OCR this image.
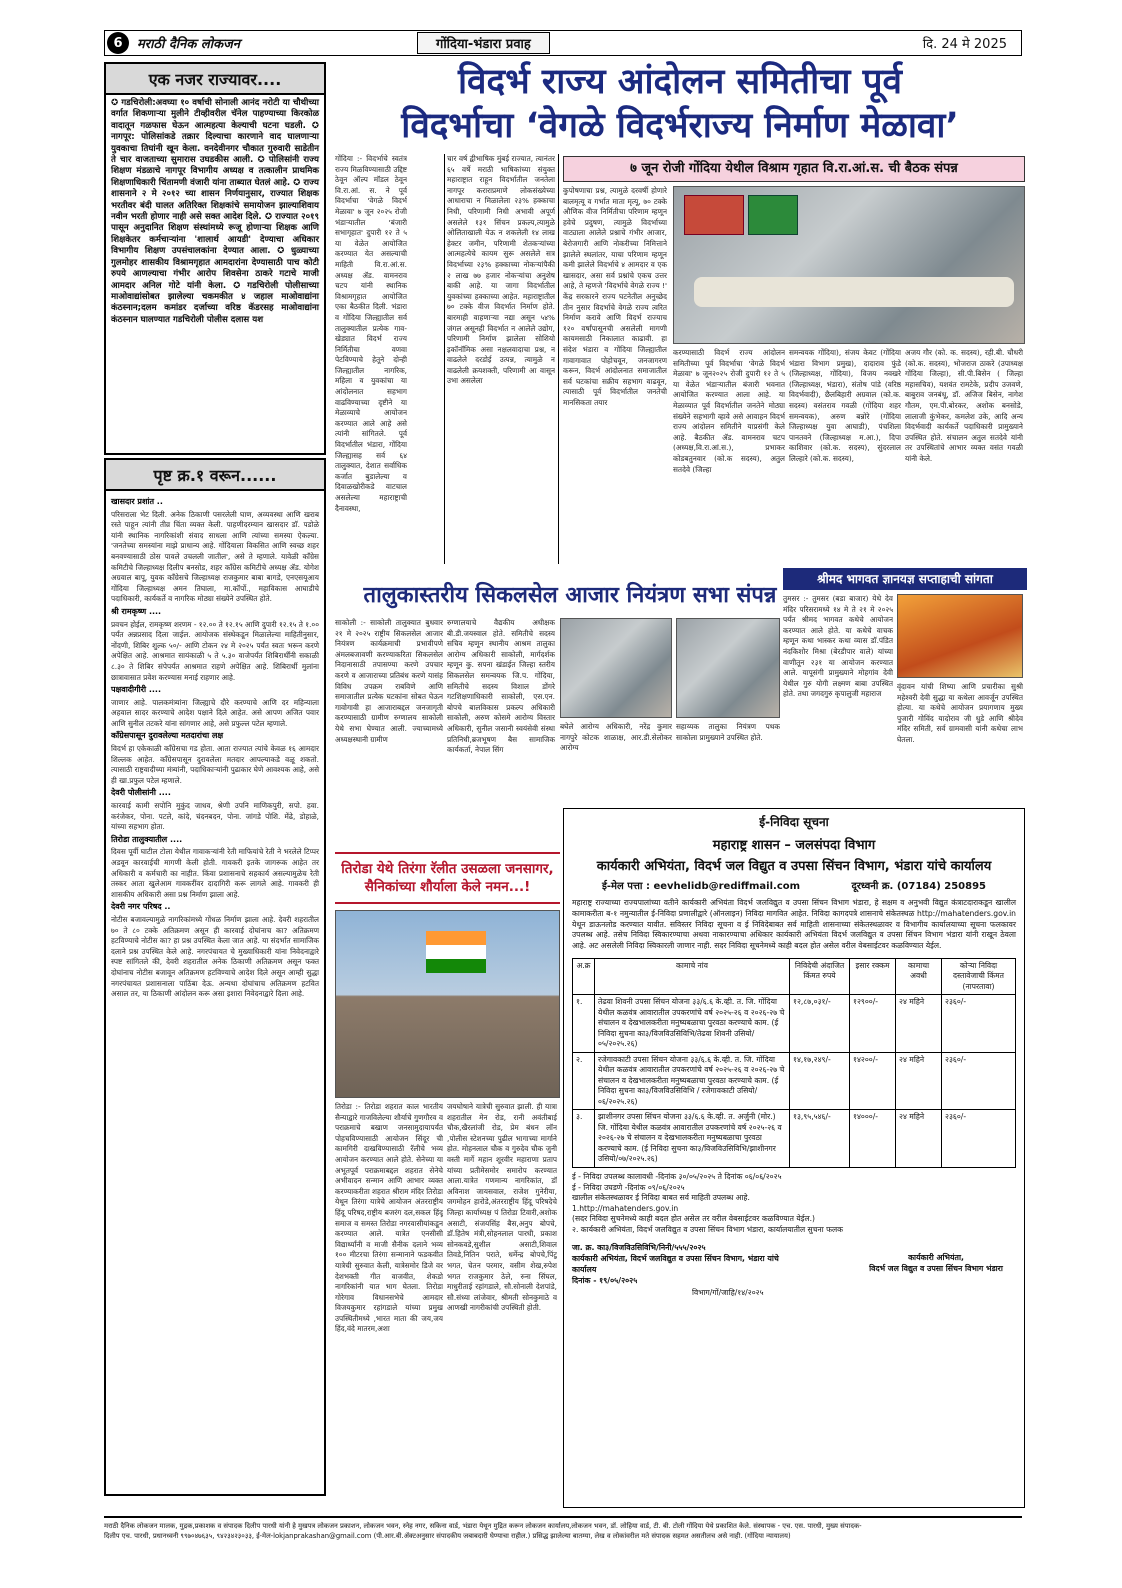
6	मराठी दैनिक लोकजन	गोंदिया-भंडारा प्रवाह	दि. 24 मे 2025
एक नजर राज्यावर....
✪ गडचिरोली:अवघ्या १० वर्षाची सोनाली आनंद नरोटी या चौथीच्या वर्गात शिकणाऱ्या मुलीने टीव्हीवरील चॅनेल पाहण्याच्या किरकोळ वादातून गळफास घेऊन आत्महत्या केल्याची घटना घडली. ✪ नागपूर: पोलिसांकडे तक्रार दिल्याचा कारणाने वाद घालणाऱ्या युवकाचा तिघांनी खून केला. वनदेवीनगर चौकात गुरुवारी साडेतीन ते चार वाजताच्या सुमारास उघडकीस आली. ✪ पोलिसांनी राज्य शिक्षण मंडळाचे नागपूर विभागीय अध्यक्ष व तत्कालीन प्राथमिक शिक्षणाधिकारी चिंतामणी वंजारी यांना ताब्यात घेतलं आहे. ✪ राज्य शासनाने २ मे २०१२ च्या शासन निर्णयानुसार, राज्यात शिक्षक भरतीवर बंदी घालत अतिरिक्त शिक्षकांचे समायोजन झाल्याशिवाय नवीन भरती होणार नाही असे सक्त आदेश दिले. ✪ राज्यात २०१९ पासून अनुदानित शिक्षण संस्थांमध्ये रूजू होणाऱ्या शिक्षक आणि शिक्षकेतर कर्मचाऱ्यांना 'शालार्थ आयडी' देण्याचा अधिकार विभागीय शिक्षण उपसंचालकांना देण्यात आला. ✪ धुळ्याच्या गुलमोहर शासकीय विश्रामगृहात आमदारांना देण्यासाठी पाच कोटी रुपये आणल्याचा गंभीर आरोप शिवसेना ठाकरे गटाचे माजी आमदार अनिल गोटे यांनी केला. ✪ गडचिरोली पोलीसाच्या माओवाद्यांसोबत झालेल्या चकमकीत ४ जहाल माओवाद्यांना कंठस्नान;दलम कमांडर दर्जाच्या वरिष्ठ कॅडरसह माओवाद्यांना कंठस्नान घालण्यात गडचिरोली पोलीस दलास यश
पृष्ट क्र.१ वरून......
खासदार प्रशांत ..

परिसराला भेट दिली. अनेक ठिकाणी पसरलेली घाण, अव्यवस्था आणि खराब रस्ते पाहून त्यांनी तीव्र चिंता व्यक्त केली. पाहणीदरम्यान खासदार डॉ. पडोळे यांनी स्थानिक नागरिकांशी संवाद साधला आणि त्यांच्या समस्या ऐकल्या. 'जनतेच्या समस्यांना माझे प्राधान्य आहे. गोंदियाला विकसित आणि स्वच्छ शहर बनवण्यासाठी ठोस पावले उचलली जातील', असे ते म्हणाले. यावेळी काँग्रेस कमिटीचे जिल्हाध्यक्ष दिलीप बनसोड, शहर काँग्रेस कमिटीचे अध्यक्ष ॲड. योगेश अग्रवाल बापू, युवक काँग्रेसचे जिल्हाध्यक्ष राजकुमार बाबा बागडे, एनएसयूआय गोंदिया जिल्हाध्यक्ष अमन तिघाला, मा.कॉर्पो., महाविकास आघाडीचे पदाधिकारी, कार्यकर्ते व नागरिक मोठ्या संख्येने उपस्थित होते.

श्री रामकृष्ण ....

प्रवचन होईल, रामकृष्ण शरणम - १२.०० ते १२.१५ आणि दुपारी १२.१५ ते १.०० पर्यंत अन्नप्रसाद दिला जाईल. आयोजक संस्थेकडून मिळालेल्या माहितीनुसार, नोंदणी, शिबिर शुल्क ५०/- आणि टोकन २४ मे २०२५ पर्यंत स्वतः भरून करणे अपेक्षित आहे. आश्रमात सायंकाळी ५ ते ५.३० वाजेपर्यंत शिबिरार्थींनी सकाळी ८.३० ते शिबिर संपेपर्यंत आश्रमात राहणे अपेक्षित आहे. शिबिरार्थी मुलांना छात्रावासात प्रवेश करण्यास मनाई राहणार आहे.

पक्षवादीगीरी ....

जाणार आहे. पालकमंत्र्यांना जिल्ह्याचे दौरे करण्याचे आणि दर महिन्याला अहवाल सादर करण्याचे आदेश पक्षाने दिले आहेत. असे आपण अजित पवार आणि सुनील तटकरे यांना सांगणार आहे, असे प्रफुल्ल पटेल म्हणाले.

काँग्रेसपासून दुरावलेल्या मतदारांचा लक्ष

विदर्भ हा एकेकाळी काँग्रेसचा गड होता. आता राज्यात त्यांचे केवळ १६ आमदार शिल्लक आहेत. काँग्रेसपासून दुरावलेला मतदार आपल्याकडे वळू शकतो. त्यासाठी राष्ट्रवादीच्या मंत्र्यांनी, पदाधिकाऱ्यांनी पुढाकार घेणे आवश्यक आहे, असे ही खा.प्रफुल पटेल म्हणाले.

देवरी पोलीसांनी ....

कारवाई कामी सपोनि मुकुंद जाधव, श्रेणी उपनि माणिकपुरी, सपो. हवा. करंजेकर, पोना. पटले, कांदे, चंदनबदन, पोना. जांगडे पोशि. मेंढे, डोहाळे, यांच्या सहभाग होता.

तिरोडा तालुक्यातील ....

दिवस पूर्वी घाटील टोला येथील गावाकऱ्यांनी रेती माफियांचे रेती ने भरलेले टिप्पर अडवून कारवाईची मागणी केली होती. गावकरी इतके जागरूक आहेत तर अधिकारी व कर्मचारी का नाहीत. किंवा प्रशासनाचे सहकार्य असल्यामुळेच रेती तस्कर आता खुलेआम गावकरींवर दादागिरी करू लागले आहे. गावकरी ही शासकीय अधिकारी असा प्रश्न निर्माण झाला आहे.

देवरी नगर परिषद ..

नोटीस बजावल्यामुळे नागरिकांमध्ये गोंधळ निर्माण झाला आहे. देवरी शहरातील ७० ते ८० टक्के अतिक्रमण असून ही कारवाई दोघांनाच का? अतिक्रमण हटविण्याचे नोटीस का? हा प्रश्न उपस्थित केला जात आहे. या संदर्भात सामाजिक दलाने प्रश्न उपस्थित केले आहे. नगरपंचायत चे मुख्याधिकारी यांना निवेदनाद्वारे स्पष्ट सांगितले की, देवरी शहरातील अनेक ठिकाणी अतिक्रमण असून फक्त दोघांनाच नोटीस बजावून अतिक्रमण हटविण्याचे आदेश दिले असून आम्ही सुद्धा नगरपंचायत प्रशासनाला पाठिंबा देऊ. अन्यथा दोघांचाच अतिक्रमण हटवित असाल तर, या ठिकाणी आंदोलन करू असा इशारा निवेदनाद्वारे दिला आहे.

विदर्भ राज्य आंदोलन समितीचा पूर्व
विदर्भाचा ‘वेगळे विदर्भराज्य निर्माण मेळावा’
गोंदिया :- विदर्भाचे स्वतंत्र राज्य मिळविण्यासाठी उद्दिष्ट ठेवून ऑल्प मॉडल ठेवून वि.रा.आं. स. ने पूर्व विदर्भाचा 'वेगळे विदर्भ मेळावा' ७ जून २०२५ रोजी भंडाऱ्यातील 'बंजारी सभागृहात' दुपारी १२ ते ५ या वेळेत आयोजित करण्यात येत असल्याची माहिती वि.रा.आं.स. अध्यक्ष ॲड. वामनराव चटप यांनी स्थानिक विश्रामगृहात आयोजित एका बैठकीत दिली. भंडारा व गोंदिया जिल्ह्यातील सर्व तालुक्यातील प्रत्येक गाव-खेड्यात विदर्भ राज्य निर्मितीचा वणवा पेटविण्याचे हेतूने दोन्ही जिल्ह्यातील नागरिक, महिला व युवकांचा या आंदोलनात सहभाग वाढविण्याच्या दृष्टीने या मेळाव्याचे आयोजन करण्यात आले आहे असे त्यांनी सांगितले. पूर्व विदर्भातील भंडारा, गोंदिया जिल्ह्यासह सर्व ६४ तालुक्यात, देशात सर्वाधिक कर्जात बुडालेल्या व दिवाळखोरीकडे वाटचाल असलेल्या महाराष्ट्राची दैनावस्था,
चार वर्ष द्वीभाषिक मुंबई राज्यात, त्यानंतर ६५ वर्षे मराठी भाषिकांच्या संयुक्त महाराष्ट्रात राहून विदर्भातील जनतेला नागपूर कराराप्रमाणे लोकसंख्येच्या आधाराचा न मिळालेला २३% हक्काचा निधी, परिणामी निधी अभावी अपूर्ण असलेले १३१ सिंचन प्रकल्प,त्यामुळे ओलिताखाली येऊ न शकलेली १४ लाख हेक्टर जमीन, परिणामी शेतकऱ्यांच्या आत्महत्येचे कायम सुरू असलेले सत्र विदर्भाच्या २३% हक्काच्या नोकऱ्यांपैकी २ लाख ७७ हजार नोकऱ्यांचा अनुशेष बाकी आहे. या जागा विदर्भातील युवकांच्या हक्काच्या आहेत. महाराष्ट्रातील ७० टक्के वीज विदर्भात निर्माण होते. बारमाही वाहणाऱ्या नद्या असून ५४% जंगल असूनही विदर्भात न आलेले उद्योग, परिणामी निर्माण झालेला सोशियो इकॉनॉमिक असा नक्षलवादाचा प्रश्न, न वाढलेले दरडोई उत्पन्न, त्यामुळे न वाढलेली क्रयशक्ती, परिणामी आ वासून उभा असलेला
७ जून रोजी गोंदिया येथील विश्राम गृहात वि.रा.आं.स. ची बैठक संपन्न
कुपोषणाचा प्रश्न, त्यामुळे दरवर्षी होणारे बालमृत्यू व गर्भात माता मृत्यू, ७० टक्के औणिक वीज निर्मितीचा परिणाम म्हणून हवेचे प्रदुषण, त्यामुळे विदर्भाच्या वाट्याला आलेले प्रश्नाचे गंभीर आजार, बेरोजगारी आणि नोकरीच्या निमित्ताने झालेले स्थलांतर, याचा परिणाम म्हणून कमी झालेले विदर्भाचे ४ आमदार व एक खासदार, असा सर्व प्रश्नांचे एकच उत्तर आहे, ते म्हणजे 'विदर्भाचे वेगळे राज्य !' केंद्र सरकारने राज्य घटनेतील अनुच्छेद तीन नुसार विदर्भाचे वेगळे राज्य त्वरित निर्माण करावे आणि विदर्भ राज्याच १२० वर्षांपासूनची असलेली मागणी कायमसाठी निकालात काढावी. हा संदेश भंडारा व गोंदिया जिल्ह्यातील गावागावात पोहोचवून, जनजागरण करून, विदर्भ आंदोलनात समाजातील सर्व घटकांचा सक्रीय सहभाग वाढवून, त्यासाठी पूर्व विदर्भातील जनतेची मानसिकता तयार
करण्यासाठी विदर्भ राज्य आंदोलन समितीच्या पूर्व विदर्भाचा 'वेगळे विदर्भ मेळावा' ७ जून२०२५ रोजी दुपारी १२ ते ५ या वेळेत भंडाऱ्यातील बंजारी भवनात आयोजित करण्यात आला आहे. या मेळाव्यात पूर्व विदर्भातील जनतेने मोठ्या संख्येने सहभागी व्हावे असे आवाहन विदर्भ राज्य आंदोलन समितीने याप्रसंगी केले आहे. बैठकीत ॲड. वामनराव चटप (अध्यक्ष,वि.रा.आं.स.), प्रभाकर कोडबतुनवार (को.क सदस्य), अतुल सतदेवे (जिल्हा
समन्वयक गोंदिया), संजय केवट (गोंदिया भंडारा विभाग प्रमुख), दादाराव फुंडे (जिल्हाध्यक्ष, गोंदिया), विजय नवखरे (जिल्हाध्यक्ष, भंडारा), संतोष पांडे (वरिष्ठ विदर्भवादी), छैलबिहारी अग्रवाल (को.क. सदस्य) वसंतराव गवळी (गोंदिया शहर समन्वयक), अरुण बन्नोरे (गोंदिया जिल्हाध्यक्ष युवा आघाडी), पंचशिला पानतवने (जिल्हाध्यक्ष म.आ.), दिपा काशिवार (को.क. सदस्य), सुंदरलाल लिल्हारे (को.क. सदस्य),
अजय गौर (को. क. सदस्य), रही.बी. चौधरी (को.क. सदस्य), भोजराज ठाकरे (उपाध्यक्ष गोंदिया जिल्हा), सी.पी.बिसेन ( जिल्हा महासचिव), यशवंत रामटेके, प्रदीप उजवणे, बाबुराव जनबंधू, डॉ. अजिज बिसेन, नागेश गौतम, एम.पी.बोरकर, अशोक बनसोडे, लालाजी कुंभेकर, कमलेश उके, आदि अन्य विदर्भवादी कार्यकर्ते पदाधिकारी प्रामुख्याने उपस्थित होते. संचालन अतुल सतदेवे यांनी तर उपस्थितांचे आभार व्यक्त वसंत गवळी यांनी केले.
तालुकास्तरीय सिकलसेल आजार नियंत्रण सभा संपन्न
साकोली :- साकोली तालुक्यात बुधवार २१ मे २०२५ राष्ट्रीय सिकलसेल आजार नियंत्रण कार्यक्रमाची प्रभावीपणे अंमलबजावणी करण्याकरिता सिकलसेल निदानासाठी तपासण्या करणे उपचार करणे व आजाराच्या प्रतिबंध करणे यासंह विविध उपक्रम राबविणे आणि समाजातील प्रत्येक घटकांना सोबत घेऊन गावोगावी हा आजाराबद्दल जनजागृती करण्यासाठी ग्रामीण रुग्णालय साकोली येथे सभा घेण्यात आली. ज्याच्यामध्ये अध्यक्षस्थानी ग्रामीण
रुग्णालयाचे वैद्यकीय अधीक्षक बी.डी.जयस्वाल होते. समितीचे सदस्य सचिव म्हणून स्थानीय आश्रम तालुका आरोग्य अधिकारी साकोली, मार्गदर्शक म्हणून कु. सपना खंडाईत जिल्हा स्तरीय सिकलसेल समन्वयक जि.प. गोंदिया, समितीचे सदस्य विशाल डोंगरे गटशिक्षणाधिकारी साकोली, एस.एन. बोपचे बालविकास प्रकल्प अधिकारी साकोली, अरुण कोसमे आरोग्य विस्तार अधिकारी, सुनील जसानी स्वयंसेवी संस्था प्रतिनिधी,ब्रजभूषण बैस सामाजिक कार्यकर्ता, नेपाल सिंग
बघेले आरोग्य अधिकारी, नरेंद्र कुमार नागपुरे कोटक शाळाक्ष, आर.डी.सेलोकर आरोग्य
सहाय्यक तालुका नियंत्रण पथक साकोला प्रामुख्याने उपस्थित होते.
श्रीमद भागवत ज्ञानयज्ञ सप्ताहाची सांगता
तुमसर :- तुमसर (बडा बाजार) येथे देव मंदिर परिसरामध्ये १४ मे ते २१ मे २०२५ पर्यंत श्रीमद भागवत कथेचे आयोजन करण्यात आले होते. या कथेचे वाचक म्हणून कथा भास्कर कथा व्यास डॉ.पंडित नंदकिशोर मिश्रा (बेरडीपार वाले) यांच्या वाणीतून २३१ या आयोजन करण्यात आले. यापूसंगी प्रामुख्याने मोहगांव देवी येथील गुरु योगी लक्ष्मण बाबा उपस्थित होते. तथा जगदगुरु कृपालुजी महाराज
वृंदावन यांची शिष्या आणि प्रचारीका सुश्री महेश्वरी देवी सुद्धा या कथेला आवर्जून उपस्थित होत्या. या कथेचे आयोजन प्रयागणाय मुख्य पुजारी गोविंद यादोराव जी धुडे आणि श्रीदेव मंदिर समिती, सर्व ग्रामवासी यांनी कथेचा लाभ घेतला.
तिरोडा येथे तिरंगा रॅलीत उसळला जनसागर, सैनिकांच्या शौर्याला केले नमन...!
तिरोडा :- तिरोडा शहरात काल भारतीय सैन्याद्वारे गाजविलेल्या शौर्याचे गुणगौरव व पराक्रमाचे बखाण जनसामुदायापर्यंत पोहचविण्यासाठी आयोजन सिंदूर ची कामगिरी दाखविण्यासाठी रॅलीचे भव्य आयोजन करण्यात आले होते. सेनेच्या या अभूतपूर्व पराक्रमाबद्दल शहरात सेनेचे अभीवादन सन्मान आणि आभार व्यक्त करण्याकरीता शहरात श्रीराम मंदिर तिरोडा येथून तिरंगा यात्रेचे आयोजन अंतरराष्ट्रीय हिंदू परिषद,राष्ट्रीय बजरंग दल,सकल हिंदू समाज व समस्त तिरोडा नगरवासीयांकडून करण्यात आले. यात्रेत एनसीसी विद्यार्थ्यांनी व माजी सैनीक दलाने भव्य १०० मीटरचा तिरंगा सन्मानाने फडकवीत यात्रेची सुरुवात केली, यात्रेसमोर डिजे वर देशभक्ती गीत वाजवीत, शेकडो नागरिकांनी यात भाग घेतला. तिरोडा गोरेगाव विधानसभेचे आमदार विजयकुमार रहांगडाले यांच्या प्रमुख उपस्थितीमध्ये ,भारत माता की जय,जय हिंद,वंदे मातरम,अशा
जयघोषाने यात्रेची सुरुवात झाली. ही यात्रा शहरातील मेन रोड, रानी अवंतीबाई चौक,खैरलांजी रोड, प्रेम बंधन लॉन ,पोलीस स्टेशनच्या पुढील भागाच्या मार्गाने होत. मोहनलाल चौक व गुरुदेव चौक जुनी वस्ती मार्गे महान शूरवीर महाराणा प्रताप यांच्या प्रतीमेसमोर समारोप करण्यात आला.यात्रेत गणमान्य नागरिकांत, डॉ अविनाश जायसवाल, राजेश गुनेरीया, जगमोहन हारोडे,अंतरराष्ट्रीय हिंदू परिषदेचे जिल्हा कार्याध्यक्ष पं तिरोडा टिवारी,अशोक असाटी, संजयसिंह बैस,अनुप बोपचे, डॉ.हितेष मंत्री,सोहनलाल पारधी, प्रकाश सोनकवडे,सुशील असाटी,शिवाल तिवडे,नितिन पराते, धर्मेन्द्र बोपचे,पिंटू भगत, चेतन परमार, वसीम शेख,रुपेश भगत राजकुमार ठेले, रुना सिंघल, माधुरीताई रहांगडाले, सौ.सोनाली देशपांडे, सौ.संध्या लांजेवार, श्रीमती सोनकुमाठे व आणखी नागरीकांची उपस्थिती होती.
ई-निविदा सूचना
महाराष्ट्र शासन – जलसंपदा विभाग
कार्यकारी अभियंता, विदर्भ जल विद्युत व उपसा सिंचन विभाग, भंडारा यांचे कार्यालय
ई-मेल पत्ता : eevhelidb@rediffmail.com	दूरध्वनी क्र. (07184) 250895
महाराष्ट्र राज्याच्या राज्यपालांच्या वतीने कार्यकारी अभियंता विदर्भ जलविद्युत व उपसा सिंचन विभाग भंडारा, हे सक्षम व अनुभवी विद्युत कंत्राटदाराकडून खालील कामाकरीता ब-१ नमुन्यातील ई-निविदा प्रणालीद्वारे (ऑनलाइन) निविदा मागवित आहेत. निविदा कागदपत्रे शासनाचे संकेतस्थळ http://mahatenders.gov.in येथून डाऊनलोड करण्यात यावीत. सविस्तर निविदा सूचना व ई निविदेबाबत सर्व माहिती शासनाच्या संकेतस्थळावर व विभागीय कार्यालयाच्या सूचना फलकावर उपलब्ध आहे. तसेच निविदा स्विकारण्याचा अथवा नाकारण्याचा अधिकार कार्यकारी अभियंता विदर्भ जलविद्युत व उपसा सिंचन विभाग भंडारा यांनी राखून ठेवला आहे. अट असलेली निविदा स्विकारली जाणार नाही. सदर निविदा सूचनेमध्ये काही बदल होत असेल वरील वेबसाईटवर कळविण्यात येईल.
अ.क्र	कामाचे नांव	निविदेची अंदाजित किंमत रुपये	इसार रक्कम	कामाचा अवधी	कोऱ्या निविदा दस्तावेजाची किंमत (नापरतावा)
१.	तेढवा शिवनी उपसा सिंचन योजना ३३/६.६ के.व्ही. त. जि. गोंदिया येथील कळवंत्र आवारातील उपकरणांचे वर्ष २०२५-२६ व २०२६-२७ चे संचालन व देखभालकरीता मनुष्यबळाचा पुरवठा करण्याचे काम. (ई निविदा सुचना का३/विजविउसिविभि/तेढवा शिवनी उसियो/०५/२०२५.२६)	१२,८७,०३१/-	१२९००/-	२४ महिने	२३६०/-
२.	रजेगावकाटी उपसा सिंचन योजना ३३/६.६ के.व्ही. त. जि. गोंदिया येथील कळवंत्र आवारातील उपकरणांचे वर्ष २०२५-२६ व २०२६-२७ चे संचालन व देखभालकरीता मनुष्यबळाचा पुरवठा करण्याचे काम. (ई निविदा सुचना का३/विजविउसिविभि / रजेगावकाटी उसियो/०६/२०२५.२६)	१४,१७,२४९/-	१४२००/-	२४ महिने	२३६०/-
३.	झाशीनगर उपसा सिंचन योजना ३३/६.६ के.व्ही. त. अर्जुनी (मोर.) जि. गोंदिया येथील कळवंत्र आवारातील उपकरणांचे वर्ष २०२५-२६ व २०२६-२७ चे संचालन व देखभालकरीता मनुष्यबळाचा पुरवठा करण्याचे काम. (ई निविदा सुचना का३/विजविउसिविभि/झाशीनगर उसियो/०७/२०२५.२६)	१३,९५,५४६/-	१४०००/-	२४ महिने	२३६०/-
ई - निविदा उपलब्ध कालावधी -दिनांक ३०/०५/२०२५ ते दिनांक ०६/०६/२०२५
ई - निविदा उघडणे -दिनांक ०९/०६/२०२५
खालील संकेतस्थळावर ई निविदा बाबत सर्व माहिती उपलब्ध आहे.
1.http://mahatenders.gov.in
(सदर निविदा सुचनेमध्ये काही बदल होत असेल तर वरील वेबसाईटवर कळविण्यात येईल.)
२. कार्यकारी अभियंता, विदर्भ जलविद्युत व उपसा सिंचन विभाग भंडारा, कार्यालयातील सुचना फलक
जा. क्र. का३/विजविउसिविभि/निनी/५५५/२०२५
कार्यकारी अभियंता, विदर्भ जलविद्युत व उपसा सिंचन विभाग, भंडारा यांचे कार्यालय
दिनांक - १९/०५/२०२५
कार्यकारी अभियंता,
विदर्भ जल विद्युत व उपसा सिंचन विभाग भंडारा
विभाग/गों/जाहि/१४/२०२५
मराठी दैनिक लोकजन मालक, मुद्रक,प्रकाशक व संपादक दिलीप पारधी यांनी हे मुखपत्र लोकजन प्रकाशन, लोकजन भवन, स्नेह नगर, सकिना वार्ड, भंडारा येथून मुद्रित करून लोकजन कार्यालय,लोकजन भवन, डॉ. लोहिया वार्ड, टी. बी. टोली गोंदिया येथे प्रकाशित केले. संस्थापक - एच. एस. पारधी, मुख्य संपादक-
दिलीप एच. पारधी, प्रधानध्वनी ९९७०४७६३५, ९४२३४२३०३३, ई-मेल-lokjanprakashan@gmail.com (पी.आर.बी.ॲक्टअनुसार संपादकीय जबाबदारी घेण्याचा राहील.) प्रसिद्ध झालेल्या बातम्या, लेख व लोकांवरील मते संपादक सहमत असतीलच असे नाही. (गोंदिया न्यायालय)
